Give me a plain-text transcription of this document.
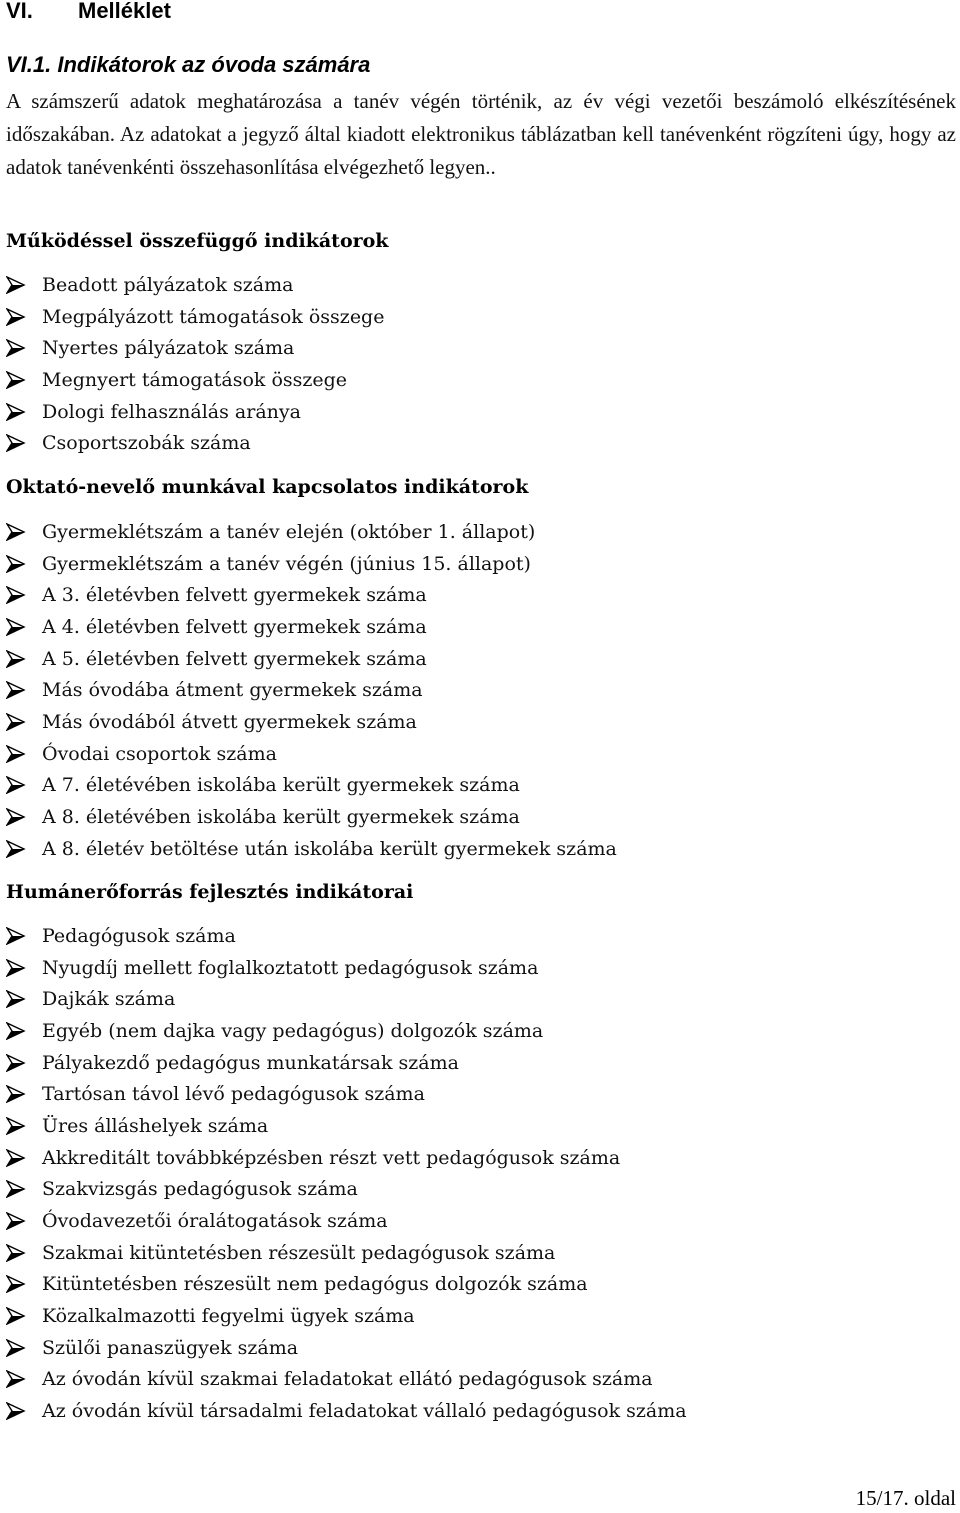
VI. Melléklet
VI.1. Indikátorok az óvoda számára
A számszerű adatok meghatározása a tanév végén történik, az év végi vezetői beszámoló elkészítésének időszakában. Az adatokat a jegyző által kiadott elektronikus táblázatban kell tanévenként rögzíteni úgy, hogy az adatok tanévenkénti összehasonlítása elvégezhető legyen..
Működéssel összefüggő indikátorok
Beadott pályázatok száma
Megpályázott támogatások összege
Nyertes pályázatok száma
Megnyert támogatások összege
Dologi felhasználás aránya
Csoportszobák száma
Oktató-nevelő munkával kapcsolatos indikátorok
Gyermeklétszám a tanév elején (október 1. állapot)
Gyermeklétszám a tanév végén (június 15. állapot)
A 3. életévben felvett gyermekek száma
A 4. életévben felvett gyermekek száma
A 5. életévben felvett gyermekek száma
Más óvodába átment gyermekek száma
Más óvodából átvett gyermekek száma
Óvodai csoportok száma
A 7. életévében iskolába került gyermekek száma
A 8. életévében iskolába került gyermekek száma
A 8. életév betöltése után iskolába került gyermekek száma
Humánerőforrás fejlesztés indikátorai
Pedagógusok száma
Nyugdíj mellett foglalkoztatott pedagógusok száma
Dajkák száma
Egyéb (nem dajka vagy pedagógus) dolgozók száma
Pályakezdő pedagógus munkatársak száma
Tartósan távol lévő pedagógusok száma
Üres álláshelyek száma
Akkreditált továbbképzésben részt vett pedagógusok száma
Szakvizsgás pedagógusok száma
Óvodavezetői óralátogatások száma
Szakmai kitüntetésben részesült pedagógusok száma
Kitüntetésben részesült nem pedagógus dolgozók száma
Közalkalmazotti fegyelmi ügyek száma
Szülői panaszügyek száma
Az óvodán kívül szakmai feladatokat ellátó pedagógusok száma
Az óvodán kívül társadalmi feladatokat vállaló pedagógusok száma
15/17. oldal
